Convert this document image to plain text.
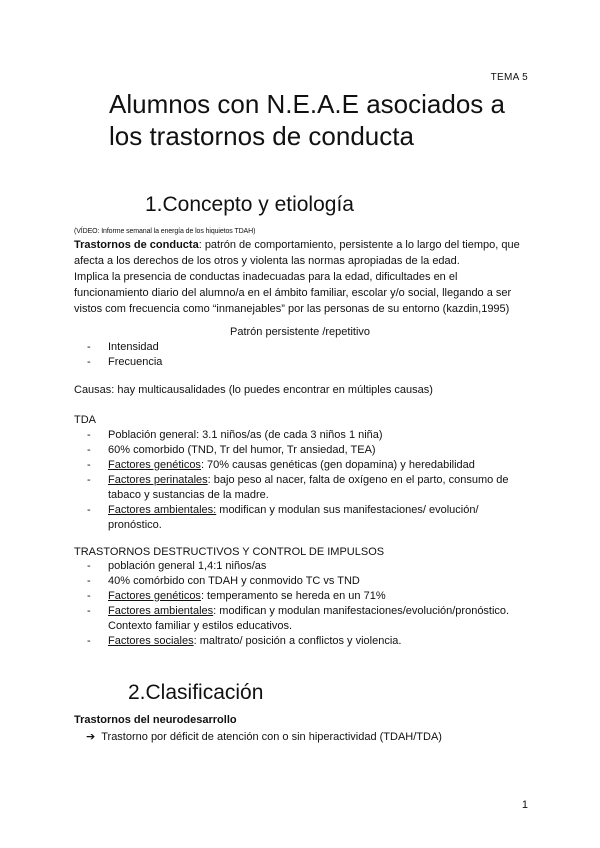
TEMA 5
Alumnos con N.E.A.E asociados a
los trastornos de conducta
1.Concepto y etiología
(VÍDEO: Informe semanal la energía de los hiquietos TDAH)
Trastornos de conducta: patrón de comportamiento, persistente a lo largo del tiempo, que
afecta a los derechos de los otros y violenta las normas apropiadas de la edad.
Implica la presencia de conductas inadecuadas para la edad, dificultades en el
funcionamiento diario del alumno/a en el ámbito familiar, escolar y/o social, llegando a ser
vistos com frecuencia como “inmanejables” por las personas de su entorno (kazdin,1995)
Patrón persistente /repetitivo
- Intensidad
- Frecuencia
Causas: hay multicausalidades (lo puedes encontrar en múltiples causas)
TDA
- Población general: 3.1 niños/as (de cada 3 niños 1 niña)
- 60% comorbido (TND, Tr del humor, Tr ansiedad, TEA)
- Factores genéticos: 70% causas genéticas (gen dopamina) y heredabilidad
- Factores perinatales: bajo peso al nacer, falta de oxígeno en el parto, consumo de
tabaco y sustancias de la madre.
- Factores ambientales: modifican y modulan sus manifestaciones/ evolución/
pronóstico.
TRASTORNOS DESTRUCTIVOS Y CONTROL DE IMPULSOS
- población general 1,4:1 niños/as
- 40% comórbido con TDAH y conmovido TC vs TND
- Factores genéticos: temperamento se hereda en un 71%
- Factores ambientales: modifican y modulan manifestaciones/evolución/pronóstico.
Contexto familiar y estilos educativos.
- Factores sociales: maltrato/ posición a conflictos y violencia.
2.Clasificación
Trastornos del neurodesarrollo
➔ Trastorno por déficit de atención con o sin hiperactividad (TDAH/TDA)
1
